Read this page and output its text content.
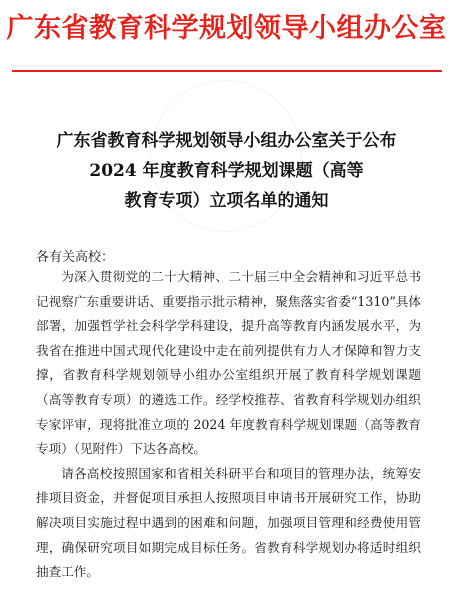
广东省教育科学规划领导小组办公室
广东省教育科学规划领导小组办公室关于公布
2024 年度教育科学规划课题（高等
教育专项）立项名单的通知
各有关高校：

为深入贯彻党的二十大精神、二十届三中全会精神和习近平总书记视察广东重要讲话、重要指示批示精神，聚焦落实省委“1310”具体部署，加强哲学社会科学学科建设，提升高等教育内涵发展水平，为我省在推进中国式现代化建设中走在前列提供有力人才保障和智力支撑，省教育科学规划领导小组办公室组织开展了教育科学规划课题（高等教育专项）的遴选工作。经学校推荐、省教育科学规划办组织专家评审，现将批准立项的 2024 年度教育科学规划课题（高等教育专项）（见附件）下达各高校。

请各高校按照国家和省相关科研平台和项目的管理办法，统筹安排项目资金，并督促项目承担人按照项目申请书开展研究工作，协助解决项目实施过程中遇到的困难和问题，加强项目管理和经费使用管理，确保研究项目如期完成目标任务。省教育科学规划办将适时组织抽查工作。
